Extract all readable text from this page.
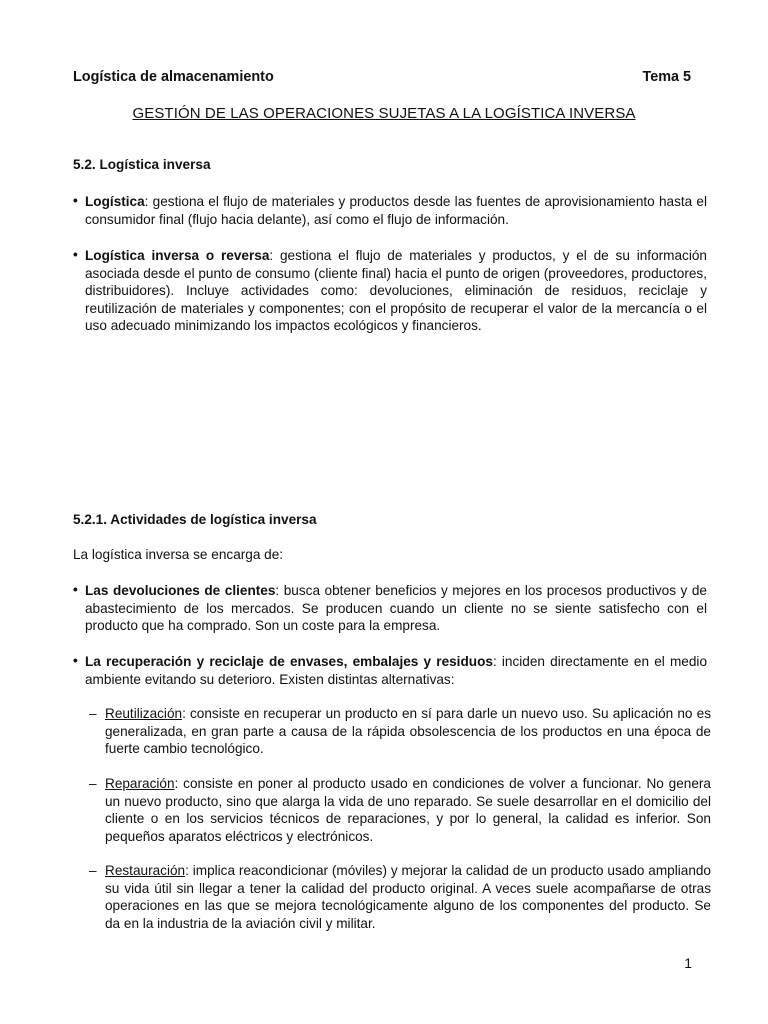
Logística de almacenamiento	Tema 5
GESTIÓN DE LAS OPERACIONES SUJETAS A LA LOGÍSTICA INVERSA
5.2. Logística inversa
• Logística: gestiona el flujo de materiales y productos desde las fuentes de aprovisionamiento hasta el consumidor final (flujo hacia delante), así como el flujo de información.
• Logística inversa o reversa: gestiona el flujo de materiales y productos, y el de su información asociada desde el punto de consumo (cliente final) hacia el punto de origen (proveedores, productores, distribuidores). Incluye actividades como: devoluciones, eliminación de residuos, reciclaje y reutilización de materiales y componentes; con el propósito de recuperar el valor de la mercancía o el uso adecuado minimizando los impactos ecológicos y financieros.
5.2.1. Actividades de logística inversa
La logística inversa se encarga de:
• Las devoluciones de clientes: busca obtener beneficios y mejores en los procesos productivos y de abastecimiento de los mercados. Se producen cuando un cliente no se siente satisfecho con el producto que ha comprado. Son un coste para la empresa.
• La recuperación y reciclaje de envases, embalajes y residuos: inciden directamente en el medio ambiente evitando su deterioro. Existen distintas alternativas:
– Reutilización: consiste en recuperar un producto en sí para darle un nuevo uso. Su aplicación no es generalizada, en gran parte a causa de la rápida obsolescencia de los productos en una época de fuerte cambio tecnológico.
– Reparación: consiste en poner al producto usado en condiciones de volver a funcionar. No genera un nuevo producto, sino que alarga la vida de uno reparado. Se suele desarrollar en el domicilio del cliente o en los servicios técnicos de reparaciones, y por lo general, la calidad es inferior. Son pequeños aparatos eléctricos y electrónicos.
– Restauración: implica reacondicionar (móviles) y mejorar la calidad de un producto usado ampliando su vida útil sin llegar a tener la calidad del producto original. A veces suele acompañarse de otras operaciones en las que se mejora tecnológicamente alguno de los componentes del producto. Se da en la industria de la aviación civil y militar.
1
